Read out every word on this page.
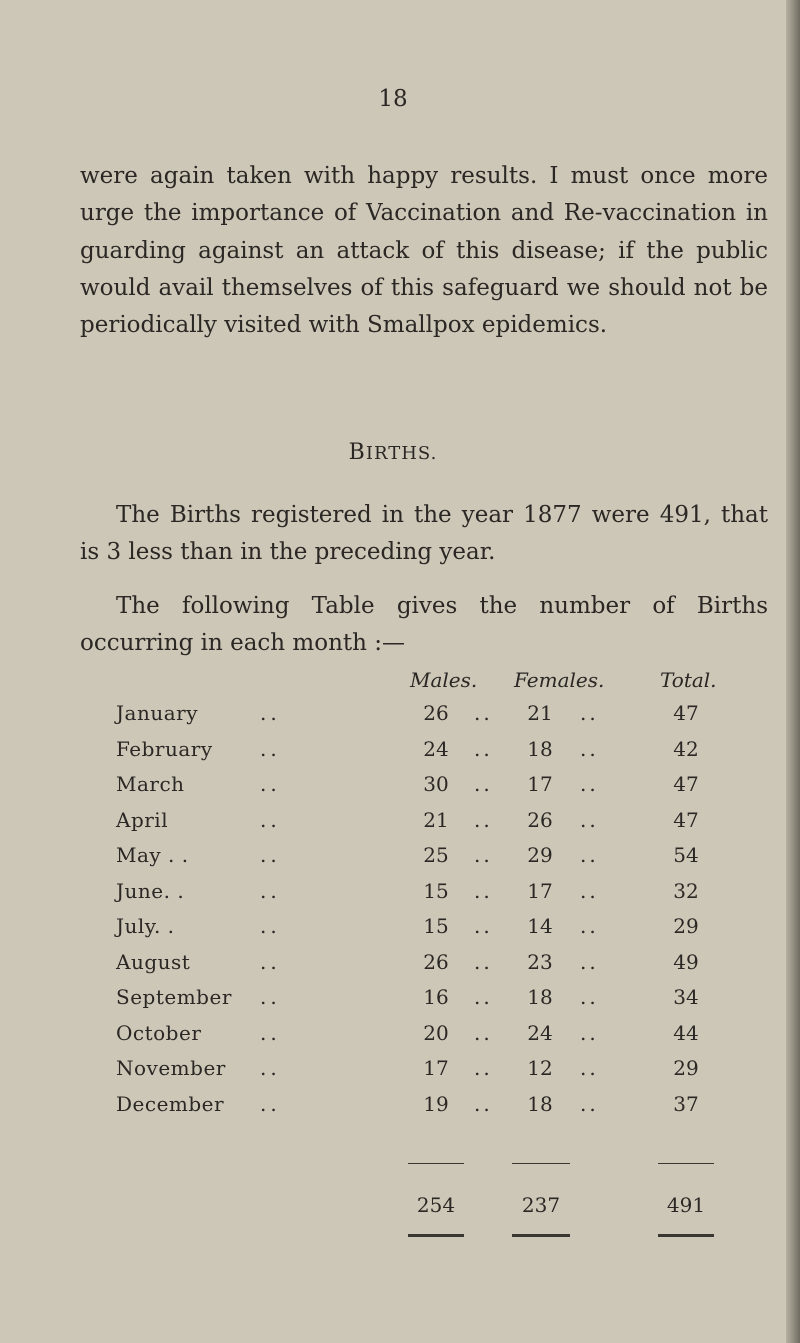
18

were again taken with happy results. I must once more urge the importance of Vaccination and Re-vaccination in guarding against an attack of this disease; if the public would avail themselves of this safeguard we should not be periodically visited with Smallpox epidemics.

BIRTHS.

The Births registered in the year 1877 were 491, that is 3 less than in the preceding year.

The following Table gives the number of Births occurring in each month :—

Males. Females.	Total.
January	..	26 .. 21 ..	47
February ..	24 .. 18 ..	42
March	..	30 .. 17 ..	47
April	..	21 .. 26 ..	47
May . .	..	25 .. 29 ..	54
June. .	..	15 .. 17 ..	32
July. .	..	15 .. 14 ..	29
August	..	26 .. 23 ..	49
September ..	16 .. 18 ..	34
October	..	20 .. 24 ..	44
November ..	17 .. 12 ..	29
December ..	19 .. 18 ..	37
254	237	491
